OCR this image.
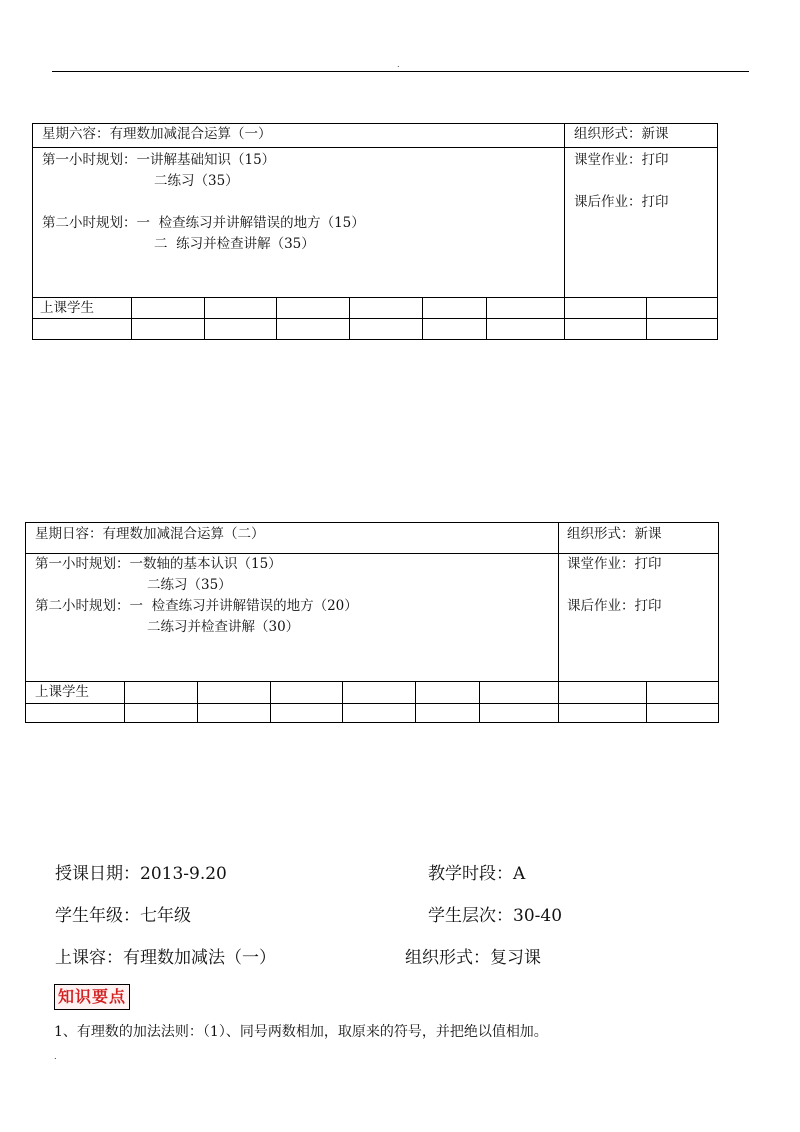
.
星期六容：有理数加减混合运算（一）	组织形式：新课
第一小时规划：一讲解基础知识（15）
二练习（35）
第二小时规划：一  检查练习并讲解错误的地方（15）
二  练习并检查讲解（35）
课堂作业：打印
课后作业：打印
上课学生
星期日容：有理数加减混合运算（二）	组织形式：新课
第一小时规划：一数轴的基本认识（15）
二练习（35）
第二小时规划：一  检查练习并讲解错误的地方（20）
二练习并检查讲解（30）
课堂作业：打印
课后作业：打印
上课学生
授课日期：2013-9.20	教学时段：A
学生年级：七年级	学生层次：30-40
上课容：有理数加减法（一）	组织形式：复习课
知识要点
1、有理数的加法法则：（1）、同号两数相加，取原来的符号，并把绝以值相加。
.
